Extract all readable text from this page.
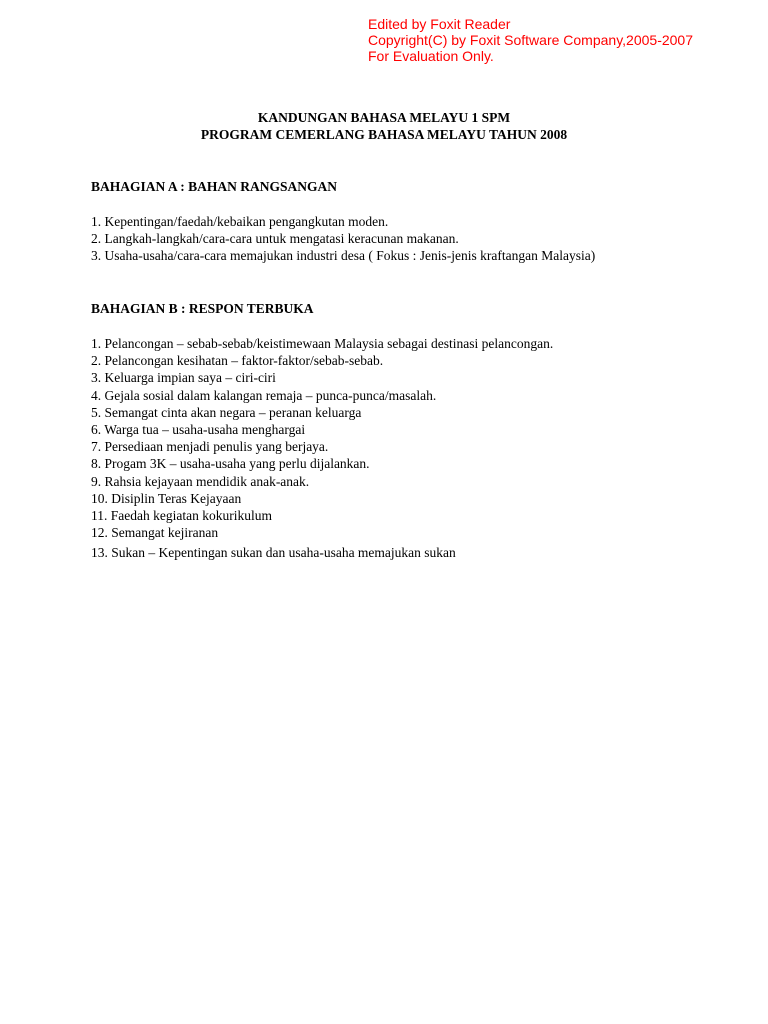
Edited by Foxit Reader
Copyright(C) by Foxit Software Company,2005-2007
For Evaluation Only.
KANDUNGAN BAHASA MELAYU 1 SPM
PROGRAM CEMERLANG BAHASA MELAYU TAHUN 2008
BAHAGIAN A : BAHAN RANGSANGAN
1. Kepentingan/faedah/kebaikan pengangkutan moden.
2. Langkah-langkah/cara-cara untuk mengatasi keracunan makanan.
3. Usaha-usaha/cara-cara memajukan industri desa ( Fokus : Jenis-jenis kraftangan Malaysia)
BAHAGIAN B : RESPON TERBUKA
1. Pelancongan – sebab-sebab/keistimewaan Malaysia sebagai destinasi pelancongan.
2. Pelancongan kesihatan – faktor-faktor/sebab-sebab.
3. Keluarga impian saya – ciri-ciri
4. Gejala sosial dalam kalangan remaja – punca-punca/masalah.
5. Semangat cinta akan negara – peranan keluarga
6. Warga tua – usaha-usaha menghargai
7. Persediaan menjadi penulis yang berjaya.
8. Progam 3K – usaha-usaha yang perlu dijalankan.
9. Rahsia kejayaan mendidik anak-anak.
10. Disiplin Teras Kejayaan
11. Faedah kegiatan kokurikulum
12. Semangat kejiranan
13. Sukan – Kepentingan sukan dan usaha-usaha memajukan sukan
